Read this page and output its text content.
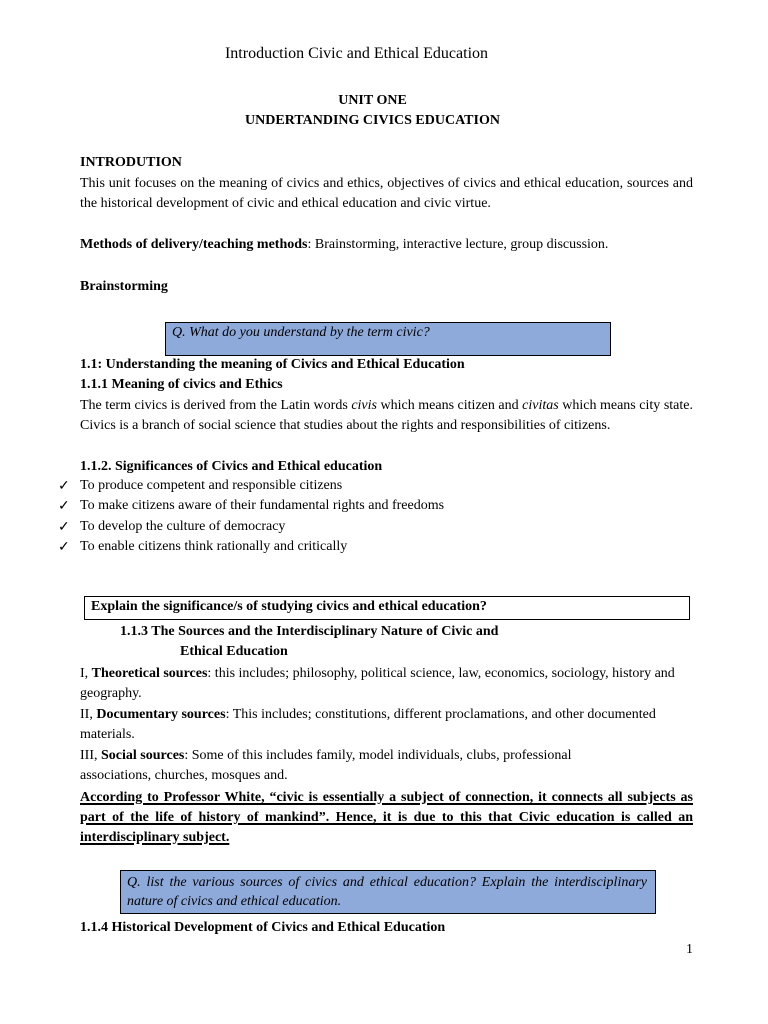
Introduction Civic and Ethical Education
UNIT ONE
UNDERTANDING CIVICS EDUCATION
INTRODUTION
This unit focuses on the meaning of civics and ethics, objectives of civics and ethical education, sources and the historical development of civic and ethical education and civic virtue.
Methods of delivery/teaching methods: Brainstorming, interactive lecture, group discussion.
Brainstorming
Q. What do you understand by the term civic?
1.1: Understanding the meaning of Civics and Ethical Education
1.1.1 Meaning of civics and Ethics
The term civics is derived from the Latin words civis which means citizen and civitas which means city state. Civics is a branch of social science that studies about the rights and responsibilities of citizens.
1.1.2. Significances of Civics and Ethical education
✓ To produce competent and responsible citizens
✓ To make citizens aware of their fundamental rights and freedoms
✓ To develop the culture of democracy
✓ To enable citizens think rationally and critically
Explain the significance/s of studying civics and ethical education?
1.1.3 The Sources and the Interdisciplinary Nature of Civic and
Ethical Education
I, Theoretical sources: this includes; philosophy, political science, law, economics, sociology, history and geography.
II, Documentary sources: This includes; constitutions, different proclamations, and other documented materials.
III, Social sources: Some of this includes family, model individuals, clubs, professional associations, churches, mosques and.
According to Professor White, “civic is essentially a subject of connection, it connects all subjects as part of the life of history of mankind”. Hence, it is due to this that Civic education is called an interdisciplinary subject.
Q. list the various sources of civics and ethical education? Explain the interdisciplinary nature of civics and ethical education.
1.1.4 Historical Development of Civics and Ethical Education
1
